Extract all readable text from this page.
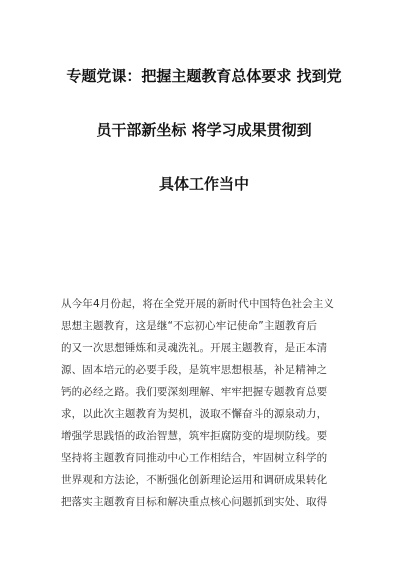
专题党课：把握主题教育总体要求 找到党
员干部新坐标 将学习成果贯彻到
具体工作当中
从今年4月份起，将在全党开展的新时代中国特色社会主义
思想主题教育，这是继“不忘初心牢记使命”主题教育后
的又一次思想锤炼和灵魂洗礼。开展主题教育，是正本清
源、固本培元的必要手段，是筑牢思想根基，补足精神之
钙的必经之路。我们要深刻理解、牢牢把握专题教育总要
求，以此次主题教育为契机，汲取不懈奋斗的源泉动力，
增强学思践悟的政治智慧，筑牢拒腐防变的堤坝防线。要
坚持将主题教育同推动中心工作相结合，牢固树立科学的
世界观和方法论，不断强化创新理论运用和调研成果转化
把落实主题教育目标和解决重点核心问题抓到实处、取得
